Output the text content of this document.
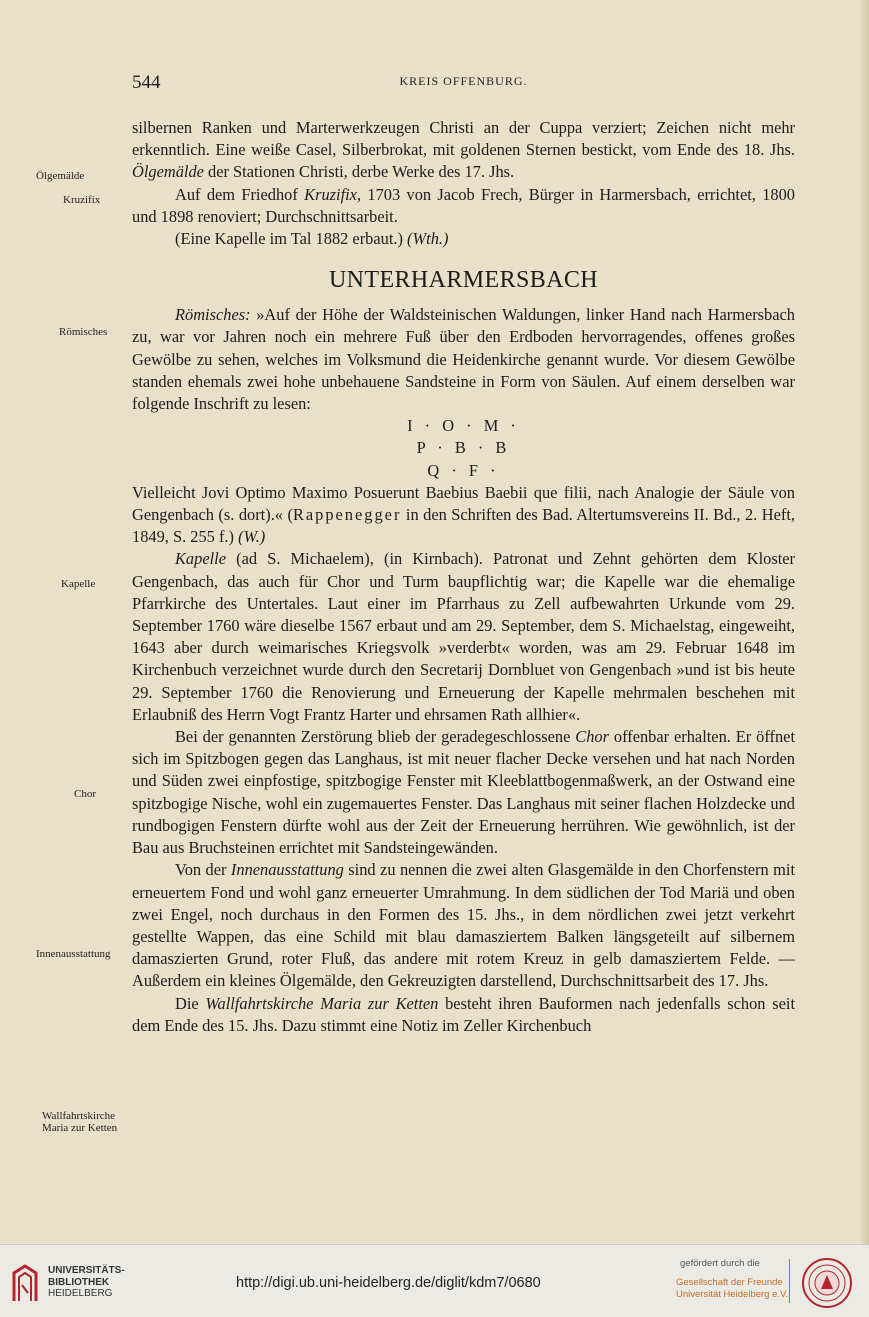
544	KREIS OFFENBURG.
Ölgemälde
Kruzifix
Römisches
Kapelle
Chor
Innenausstattung
Wallfahrtskirche
Maria zur Ketten

silbernen Ranken und Marterwerkzeugen Christi an der Cuppa verziert; Zeichen nicht mehr erkenntlich. Eine weiße Casel, Silberbrokat, mit goldenen Sternen bestickt, vom Ende des 18. Jhs. Ölgemälde der Stationen Christi, derbe Werke des 17. Jhs.

Auf dem Friedhof Kruzifix, 1703 von Jacob Frech, Bürger in Harmersbach, errichtet, 1800 und 1898 renoviert; Durchschnittsarbeit.

(Eine Kapelle im Tal 1882 erbaut.) (Wth.)

UNTERHARMERSBACH

Römisches: »Auf der Höhe der Waldsteinischen Waldungen, linker Hand nach Harmersbach zu, war vor Jahren noch ein mehrere Fuß über den Erdboden hervorragendes, offenes großes Gewölbe zu sehen, welches im Volksmund die Heidenkirche genannt wurde. Vor diesem Gewölbe standen ehemals zwei hohe unbehauene Sandsteine in Form von Säulen. Auf einem derselben war folgende Inschrift zu lesen:

I · O · M ·
P · B · B
Q · F ·

Vielleicht Jovi Optimo Maximo Posuerunt Baebius Baebii que filii, nach Analogie der Säule von Gengenbach (s. dort).« (Rappenegger in den Schriften des Bad. Altertumsvereins II. Bd., 2. Heft, 1849, S. 255 f.) (W.)

Kapelle (ad S. Michaelem), (in Kirnbach). Patronat und Zehnt gehörten dem Kloster Gengenbach, das auch für Chor und Turm baupflichtig war; die Kapelle war die ehemalige Pfarrkirche des Untertales. Laut einer im Pfarrhaus zu Zell aufbewahrten Urkunde vom 29. September 1760 wäre dieselbe 1567 erbaut und am 29. September, dem S. Michaelstag, eingeweiht, 1643 aber durch weimarisches Kriegsvolk »verderbt« worden, was am 29. Februar 1648 im Kirchenbuch verzeichnet wurde durch den Secretarij Dornbluet von Gengenbach »und ist bis heute 29. September 1760 die Renovierung und Erneuerung der Kapelle mehrmalen beschehen mit Erlaubniß des Herrn Vogt Frantz Harter und ehrsamen Rath allhier«.

Bei der genannten Zerstörung blieb der geradegeschlossene Chor offenbar erhalten. Er öffnet sich im Spitzbogen gegen das Langhaus, ist mit neuer flacher Decke versehen und hat nach Norden und Süden zwei einpfostige, spitzbogige Fenster mit Kleeblattbogenmaßwerk, an der Ostwand eine spitzbogige Nische, wohl ein zugemauertes Fenster. Das Langhaus mit seiner flachen Holzdecke und rundbogigen Fenstern dürfte wohl aus der Zeit der Erneuerung herrühren. Wie gewöhnlich, ist der Bau aus Bruchsteinen errichtet mit Sandsteingewänden.

Von der Innenausstattung sind zu nennen die zwei alten Glasgemälde in den Chorfenstern mit erneuertem Fond und wohl ganz erneuerter Umrahmung. In dem südlichen der Tod Mariä und oben zwei Engel, noch durchaus in den Formen des 15. Jhs., in dem nördlichen zwei jetzt verkehrt gestellte Wappen, das eine Schild mit blau damasziertem Balken längsgeteilt auf silbernem damaszierten Grund, roter Fluß, das andere mit rotem Kreuz in gelb damasziertem Felde. — Außerdem ein kleines Ölgemälde, den Gekreuzigten darstellend, Durchschnittsarbeit des 17. Jhs.

Die Wallfahrtskirche Maria zur Ketten besteht ihren Bauformen nach jedenfalls schon seit dem Ende des 15. Jhs. Dazu stimmt eine Notiz im Zeller Kirchenbuch

UNIVERSITÄTS-
BIBLIOTHEK
HEIDELBERG
http://digi.ub.uni-heidelberg.de/diglit/kdm7/0680
gefördert durch die
Gesellschaft der Freunde
Universität Heidelberg e.V.
